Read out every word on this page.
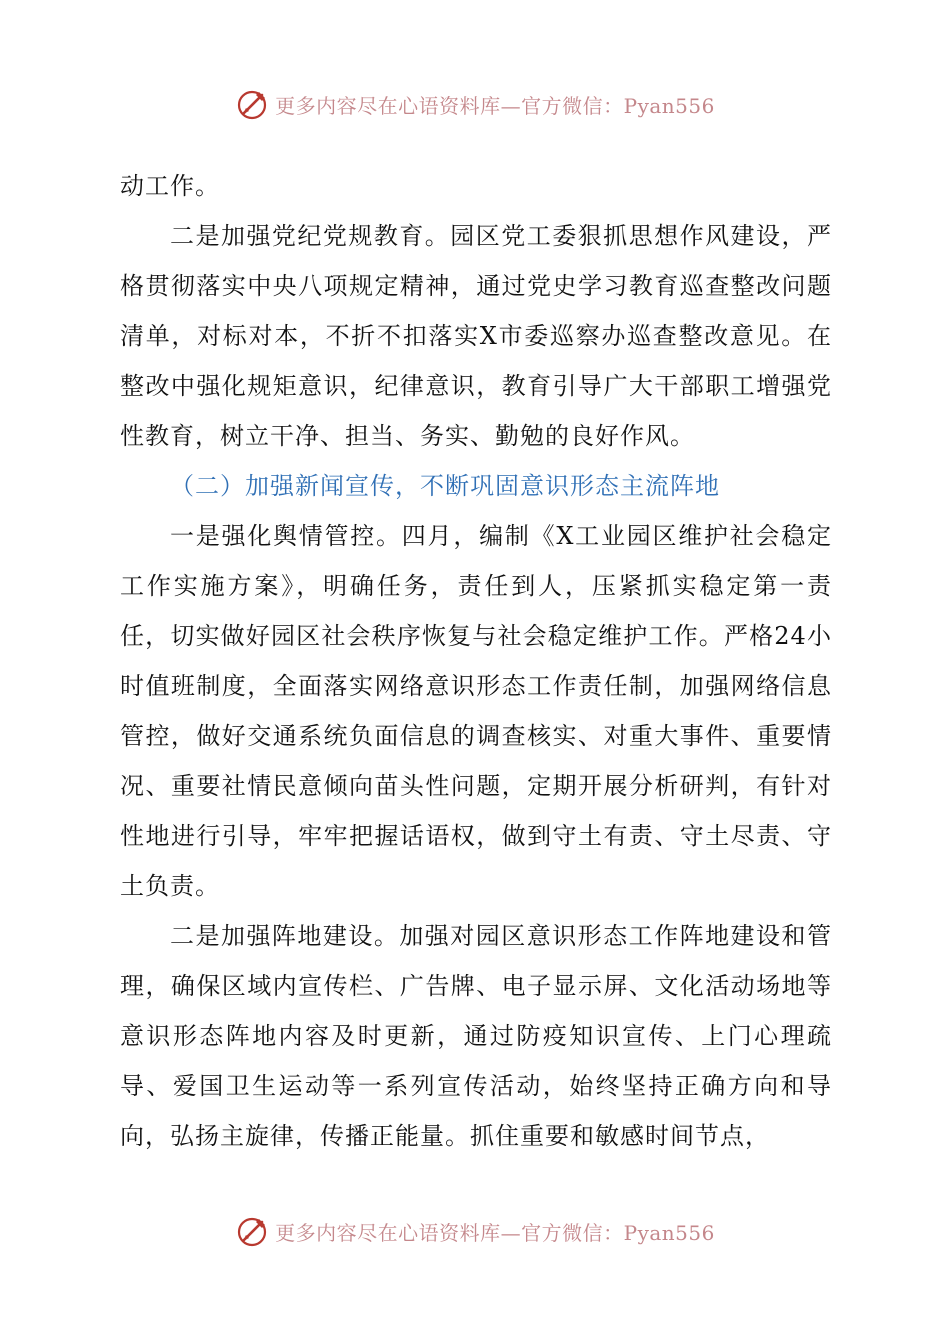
更多内容尽在心语资料库—官方微信：Pyan556

动工作。

二是加强党纪党规教育。园区党工委狠抓思想作风建设，严格贯彻落实中央八项规定精神，通过党史学习教育巡查整改问题清单，对标对本，不折不扣落实X市委巡察办巡查整改意见。在整改中强化规矩意识，纪律意识，教育引导广大干部职工增强党性教育，树立干净、担当、务实、勤勉的良好作风。

（二）加强新闻宣传，不断巩固意识形态主流阵地

一是强化舆情管控。四月，编制《X工业园区维护社会稳定工作实施方案》，明确任务，责任到人，压紧抓实稳定第一责任，切实做好园区社会秩序恢复与社会稳定维护工作。严格24小时值班制度，全面落实网络意识形态工作责任制，加强网络信息管控，做好交通系统负面信息的调查核实、对重大事件、重要情况、重要社情民意倾向苗头性问题，定期开展分析研判，有针对性地进行引导，牢牢把握话语权，做到守土有责、守土尽责、守土负责。

二是加强阵地建设。加强对园区意识形态工作阵地建设和管理，确保区域内宣传栏、广告牌、电子显示屏、文化活动场地等意识形态阵地内容及时更新，通过防疫知识宣传、上门心理疏导、爱国卫生运动等一系列宣传活动，始终坚持正确方向和导向，弘扬主旋律，传播正能量。抓住重要和敏感时间节点，

更多内容尽在心语资料库—官方微信：Pyan556
